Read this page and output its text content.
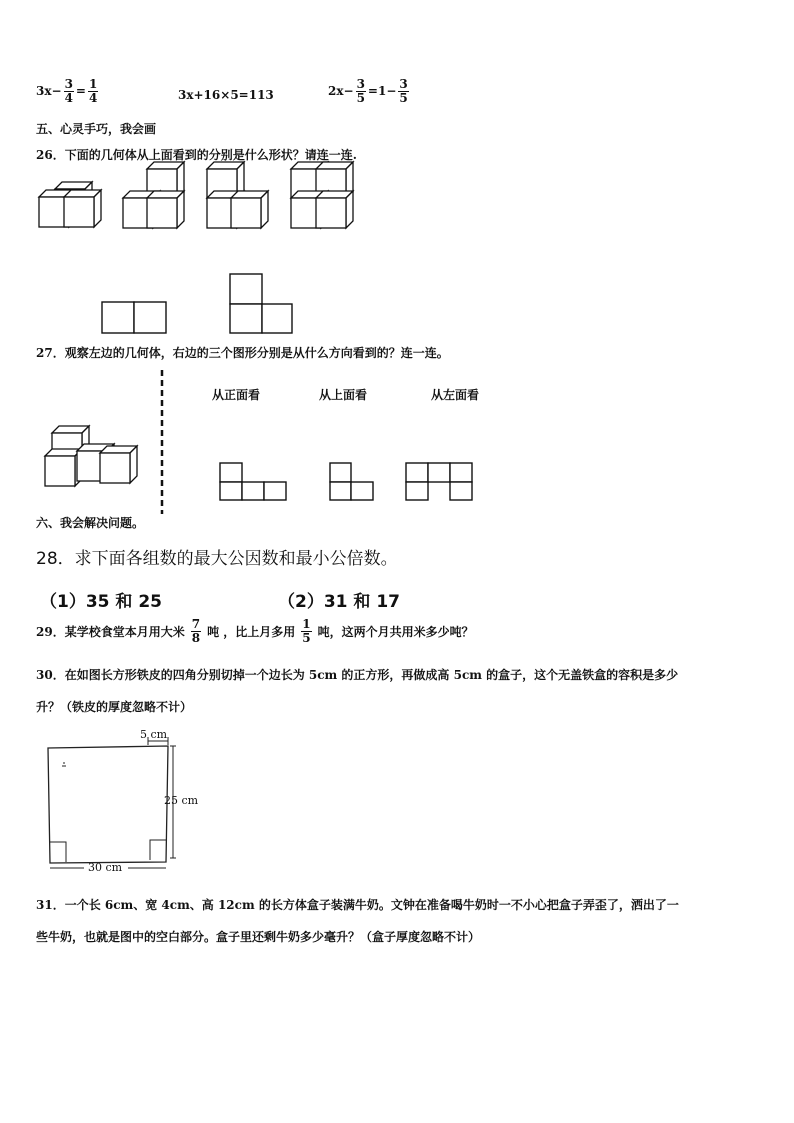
$3x- \frac{3}{4} = \frac{1}{4}$	3x+16×5=113	$2x- \frac{3}{5} =1- \frac{3}{5}$
五、心灵手巧，我会画
26．下面的几何体从上面看到的分别是什么形状？请连一连.
27．观察左边的几何体，右边的三个图形分别是从什么方向看到的？连一连。
从正面看	从上面看	从左面看
六、我会解决问题。
28．求下面各组数的最大公因数和最小公倍数。
（1）35 和 25	（2）31 和 17
29．某学校食堂本月用大米 $\frac{7}{8}$ 吨 ，比上月多用 $\frac{1}{5}$ 吨，这两个月共用米多少吨？
30．在如图长方形铁皮的四角分别切掉一个边长为 5cm 的正方形，再做成高 5cm 的盒子，这个无盖铁盒的容积是多少
升？（铁皮的厚度忽略不计）
5 cm
25 cm
30 cm
31．一个长 6cm、宽 4cm、高 12cm 的长方体盒子装满牛奶。文钟在准备喝牛奶时一不小心把盒子弄歪了，洒出了一
些牛奶，也就是图中的空白部分。盒子里还剩牛奶多少毫升？（盒子厚度忽略不计）
